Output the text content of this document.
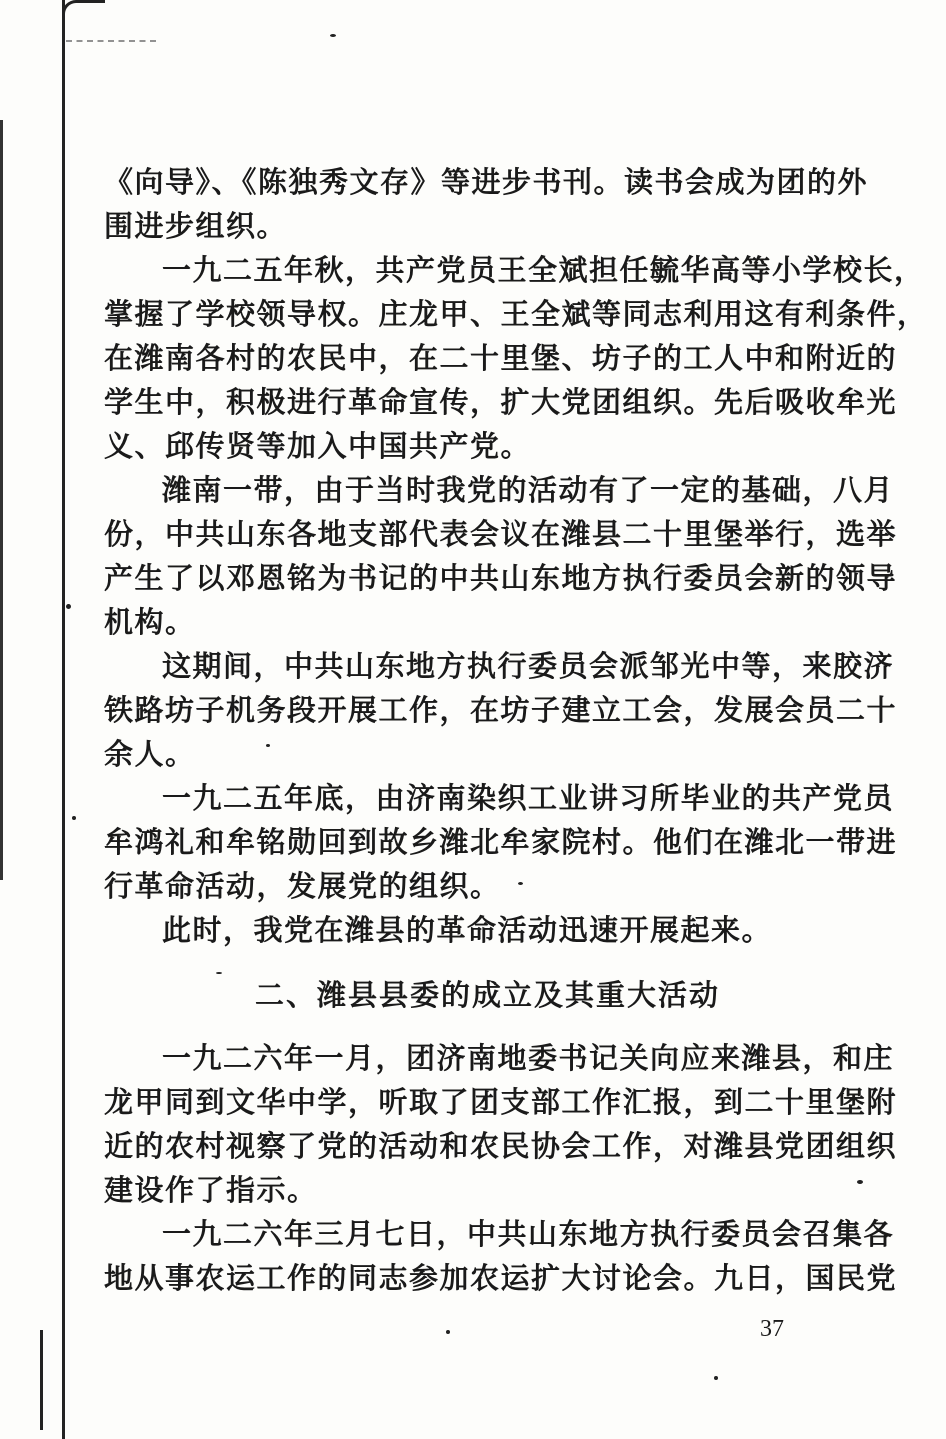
《向导》、《陈独秀文存》等进步书刊。读书会成为团的外
围进步组织。
一九二五年秋，共产党员王全斌担任毓华高等小学校长，
掌握了学校领导权。庄龙甲、王全斌等同志利用这有利条件，
在潍南各村的农民中，在二十里堡、坊子的工人中和附近的
学生中，积极进行革命宣传，扩大党团组织。先后吸收牟光
义、邱传贤等加入中国共产党。
潍南一带，由于当时我党的活动有了一定的基础，八月
份，中共山东各地支部代表会议在潍县二十里堡举行，选举
产生了以邓恩铭为书记的中共山东地方执行委员会新的领导
机构。
这期间，中共山东地方执行委员会派邹光中等，来胶济
铁路坊子机务段开展工作，在坊子建立工会，发展会员二十
余人。
一九二五年底，由济南染织工业讲习所毕业的共产党员
牟鸿礼和牟铭勋回到故乡潍北牟家院村。他们在潍北一带进
行革命活动，发展党的组织。
此时，我党在潍县的革命活动迅速开展起来。
二、潍县县委的成立及其重大活动
一九二六年一月，团济南地委书记关向应来潍县，和庄
龙甲同到文华中学，听取了团支部工作汇报，到二十里堡附
近的农村视察了党的活动和农民协会工作，对潍县党团组织
建设作了指示。
一九二六年三月七日，中共山东地方执行委员会召集各
地从事农运工作的同志参加农运扩大讨论会。九日，国民党
37
